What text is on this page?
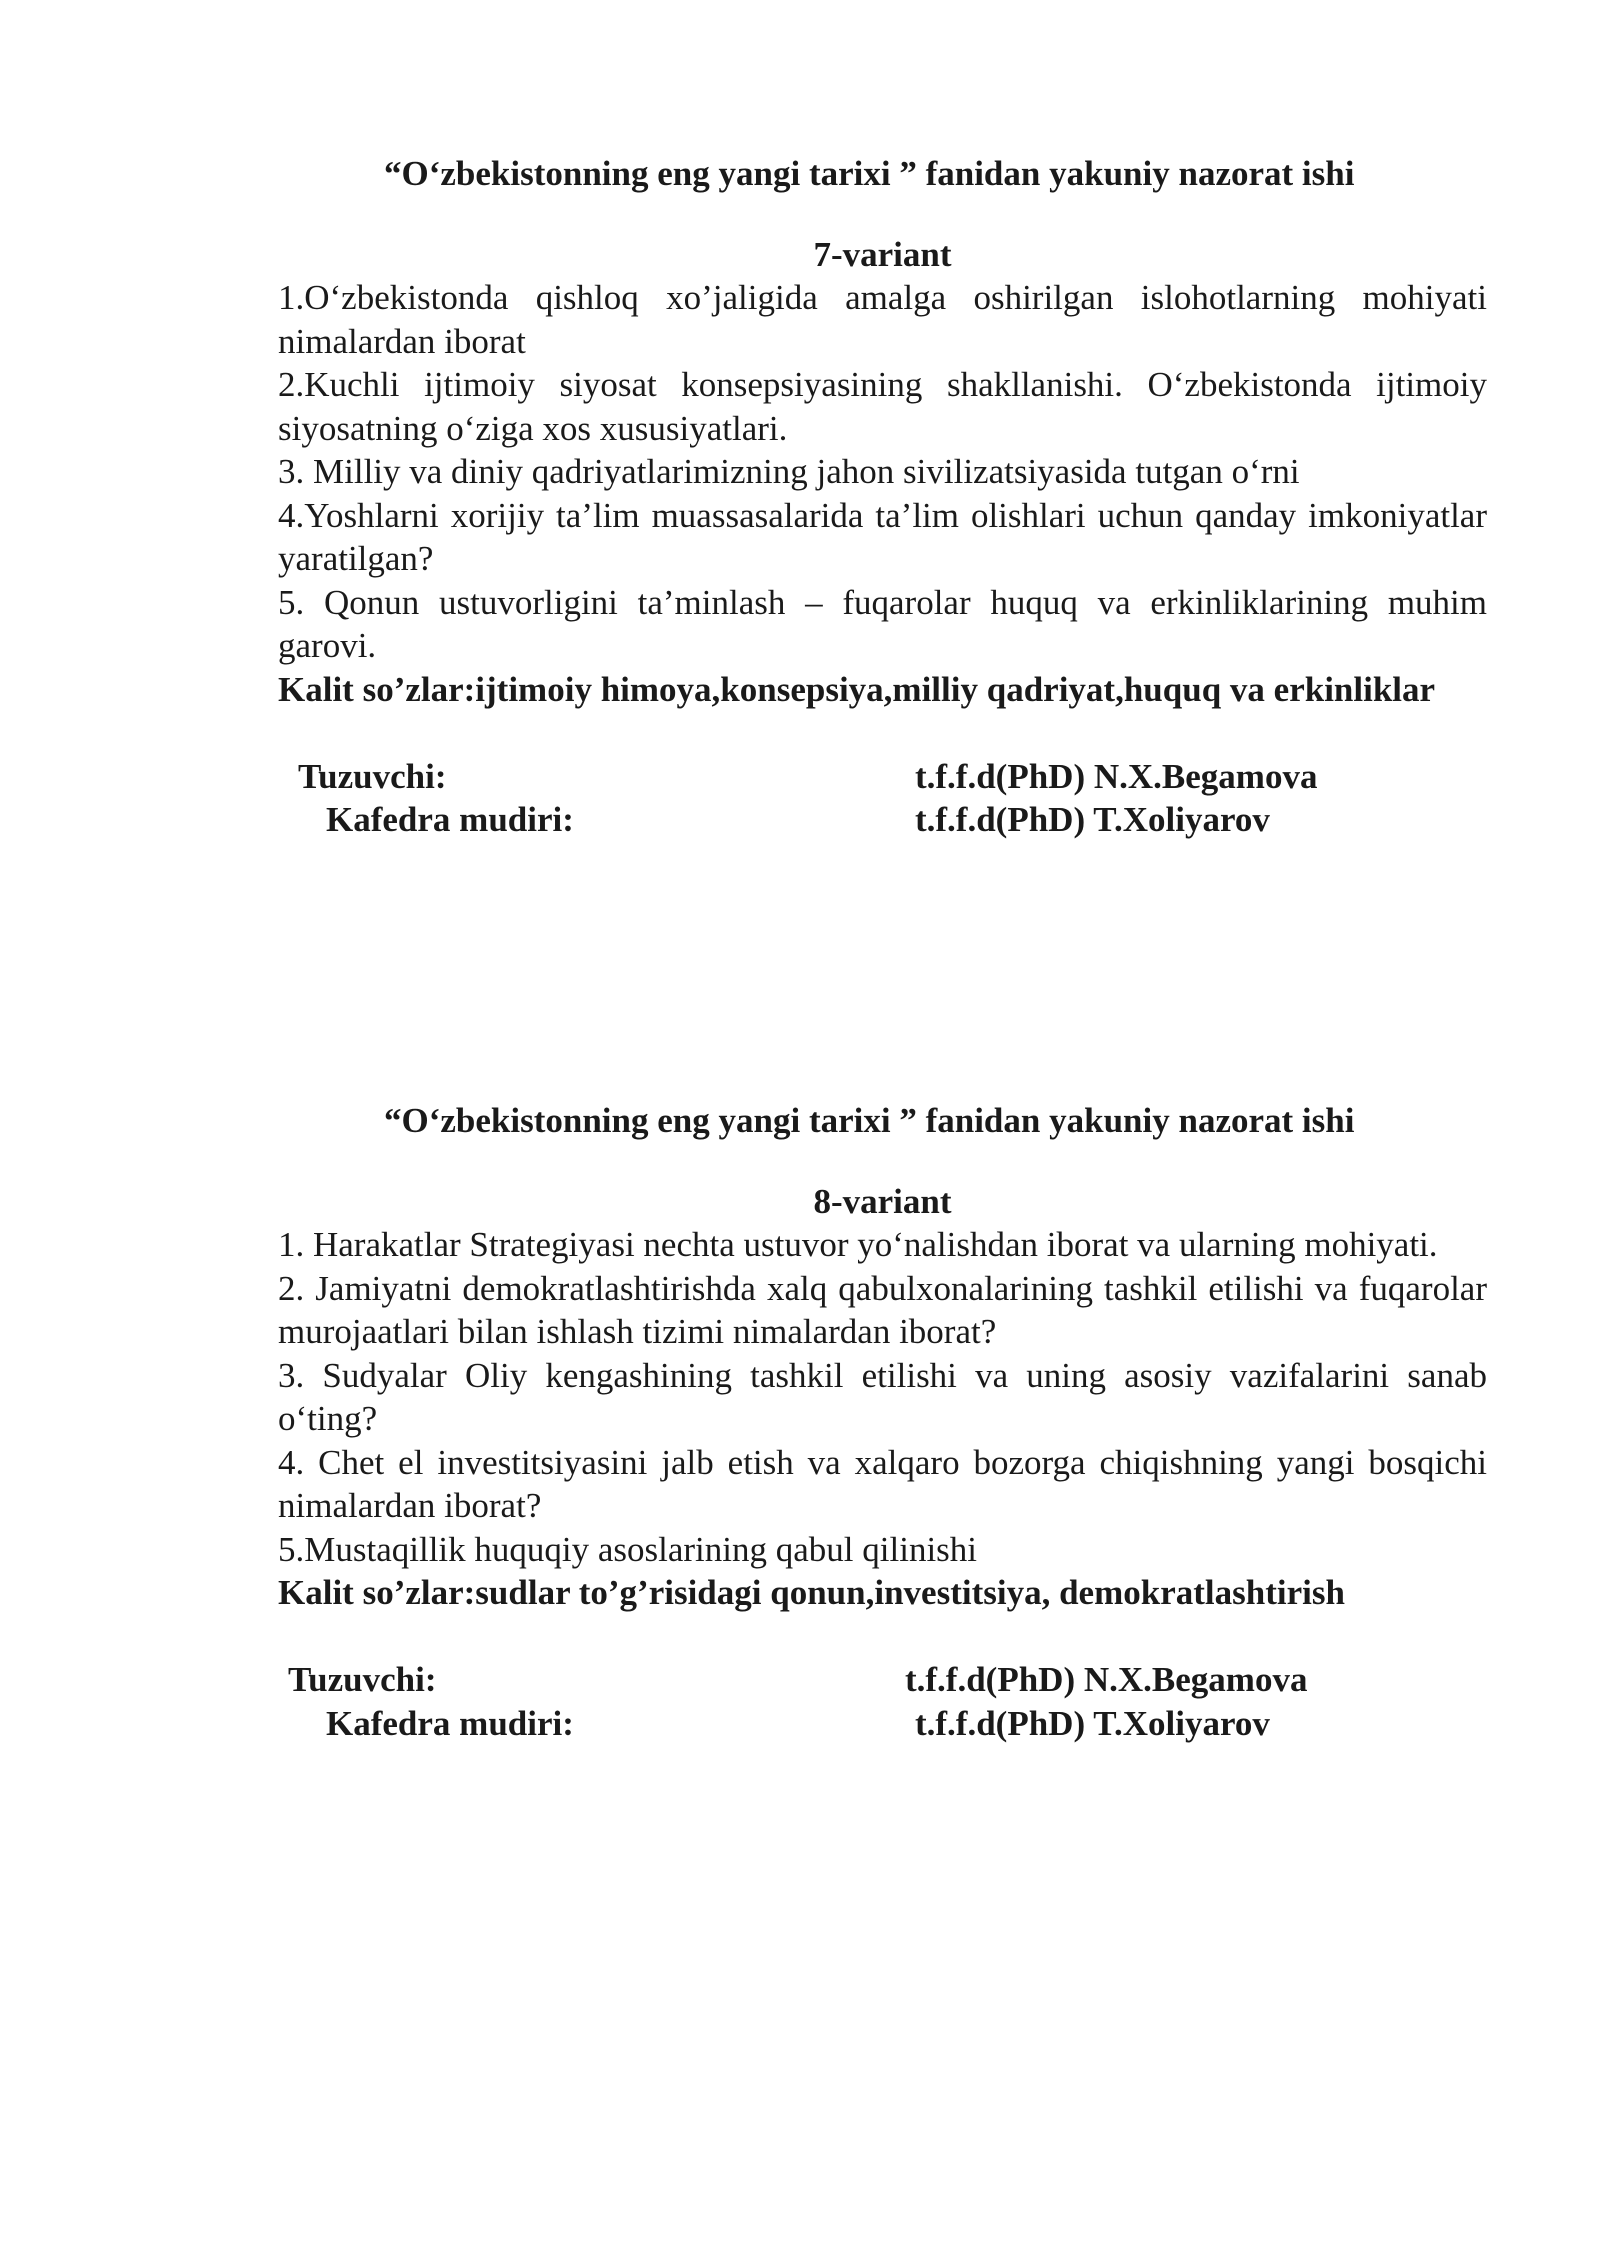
“O‘zbekistonning eng yangi tarixi ” fanidan yakuniy nazorat ishi

7-variant

1.O‘zbekistonda qishloq xo’jaligida amalga oshirilgan islohotlarning mohiyati nimalardan iborat

2.Kuchli ijtimoiy siyosat konsepsiyasining shakllanishi. O‘zbekistonda ijtimoiy siyosatning o‘ziga xos xususiyatlari.

3. Milliy va diniy qadriyatlarimizning jahon sivilizatsiyasida tutgan o‘rni

4.Yoshlarni xorijiy ta’lim muassasalarida ta’lim olishlari uchun qanday imkoniyatlar yaratilgan?

5. Qonun ustuvorligini ta’minlash – fuqarolar huquq va erkinliklarining muhim garovi.

Kalit so’zlar:ijtimoiy himoya,konsepsiya,milliy qadriyat,huquq va erkinliklar

Tuzuvchi:	t.f.f.d(PhD) N.X.Begamova
Kafedra mudiri:	t.f.f.d(PhD) T.Xoliyarov

“O‘zbekistonning eng yangi tarixi ” fanidan yakuniy nazorat ishi

8-variant

1. Harakatlar Strategiyasi nechta ustuvor yo‘nalishdan iborat va ularning mohiyati.

2. Jamiyatni demokratlashtirishda xalq qabulxonalarining tashkil etilishi va fuqarolar murojaatlari bilan ishlash tizimi nimalardan iborat?

3. Sudyalar Oliy kengashining tashkil etilishi va uning asosiy vazifalarini sanab o‘ting?

4. Chet el investitsiyasini jalb etish va xalqaro bozorga chiqishning yangi bosqichi nimalardan iborat?

5.Mustaqillik huquqiy asoslarining qabul qilinishi

Kalit so’zlar:sudlar to’g’risidagi qonun,investitsiya, demokratlashtirish

Tuzuvchi:	t.f.f.d(PhD) N.X.Begamova
Kafedra mudiri:	t.f.f.d(PhD) T.Xoliyarov
